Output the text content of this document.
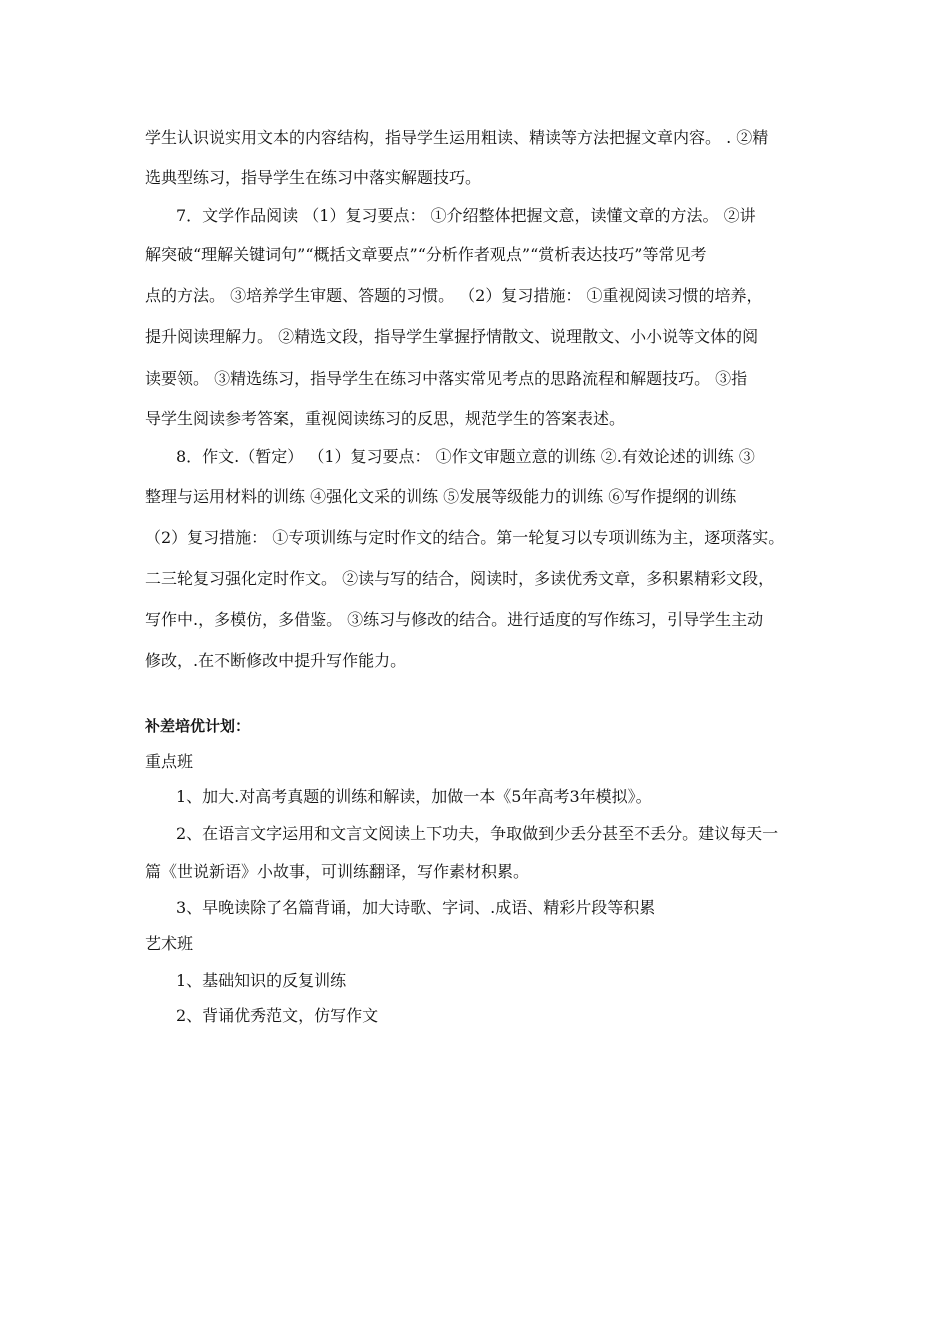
学生认识说实用文本的内容结构，指导学生运用粗读、精读等方法把握文章内容。 . ②精
选典型练习，指导学生在练习中落实解题技巧。
7．文学作品阅读 （1）复习要点： ①介绍整体把握文意，读懂文章的方法。 ②讲
解突破“理解关键词句”“概括文章要点”“分析作者观点”“赏析表达技巧”等常见考
点的方法。 ③培养学生审题、答题的习惯。 （2）复习措施： ①重视阅读习惯的培养，
提升阅读理解力。 ②精选文段，指导学生掌握抒情散文、说理散文、小小说等文体的阅
读要领。 ③精选练习，指导学生在练习中落实常见考点的思路流程和解题技巧。 ③指
导学生阅读参考答案，重视阅读练习的反思，规范学生的答案表述。
8．作文.（暂定） （1）复习要点： ①作文审题立意的训练 ②.有效论述的训练 ③
整理与运用材料的训练 ④强化文采的训练 ⑤发展等级能力的训练 ⑥写作提纲的训练
（2）复习措施： ①专项训练与定时作文的结合。第一轮复习以专项训练为主，逐项落实。
二三轮复习强化定时作文。 ②读与写的结合，阅读时，多读优秀文章，多积累精彩文段，
写作中.，多模仿，多借鉴。 ③练习与修改的结合。进行适度的写作练习，引导学生主动
修改，.在不断修改中提升写作能力。
补差培优计划：
重点班
1、加大.对高考真题的训练和解读，加做一本《5年高考3年模拟》。
2、在语言文字运用和文言文阅读上下功夫，争取做到少丢分甚至不丢分。建议每天一
篇《世说新语》小故事，可训练翻译，写作素材积累。
3、早晚读除了名篇背诵，加大诗歌、字词、.成语、精彩片段等积累
艺术班
1、基础知识的反复训练
2、背诵优秀范文，仿写作文
